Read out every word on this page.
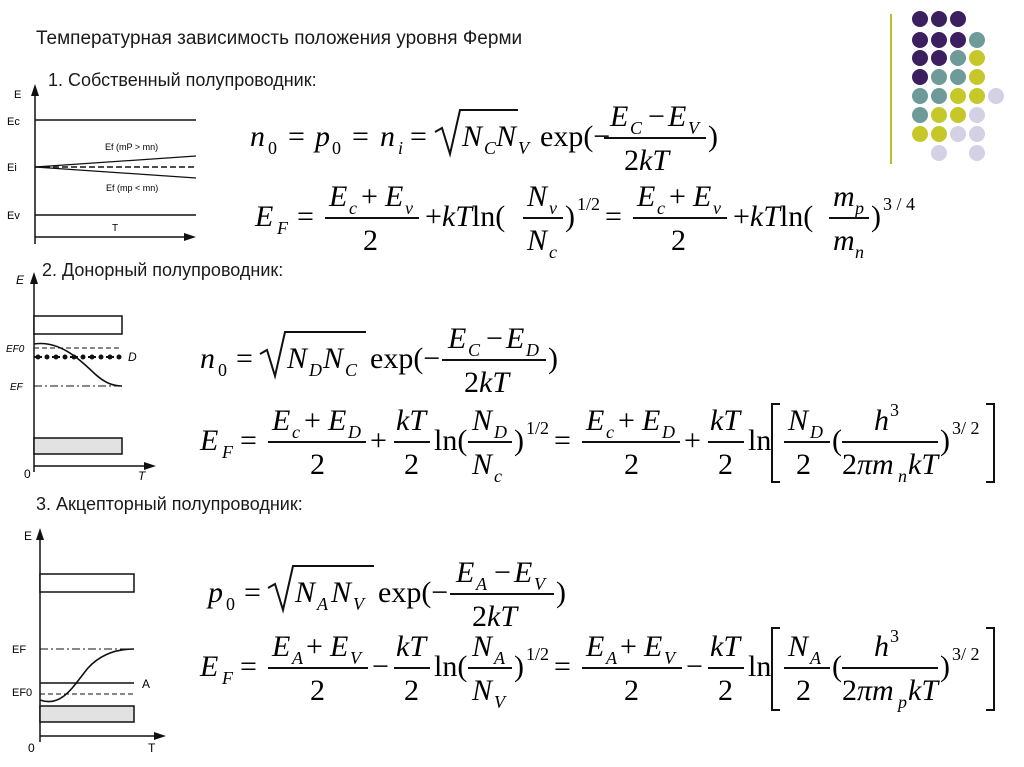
Температурная зависимость положения уровня Ферми
1. Собственный полупроводник:
2. Донорный полупроводник:
3. Акцепторный полупроводник:
E
Ec
Ei
Ef (mP > mn)
Ef (mp < mn)
Ev
T
E
EF0
D
EF
0	T
E
EF
A
EF0
0	T
n 0 = p 0 = n i = N C N V exp(−
E C − E V
2kT
)
E F =
E c + E v
2
+kTln(
N v
N c
) 1/2 =
E c + E v
2
+kTln(
m p
m n
) 3 / 4
n 0 = N D N C exp(−
E C − E D
2kT
)
E F =
E c + E D
2
+
kT
2
ln(
N D
N c
) 1/2 =
E c + E D
2
+
kT
2
ln
N D
2
(
h 3
2πm n kT
) 3/ 2
p 0 = N A N V exp(−
E A − E V
2kT
)
E F =
E A + E V
2
−
kT
2
ln(
N A
N V
) 1/2 =
E A + E V
2
−
kT
2
ln
N A
2
(
h 3
2πm p kT
) 3/ 2
